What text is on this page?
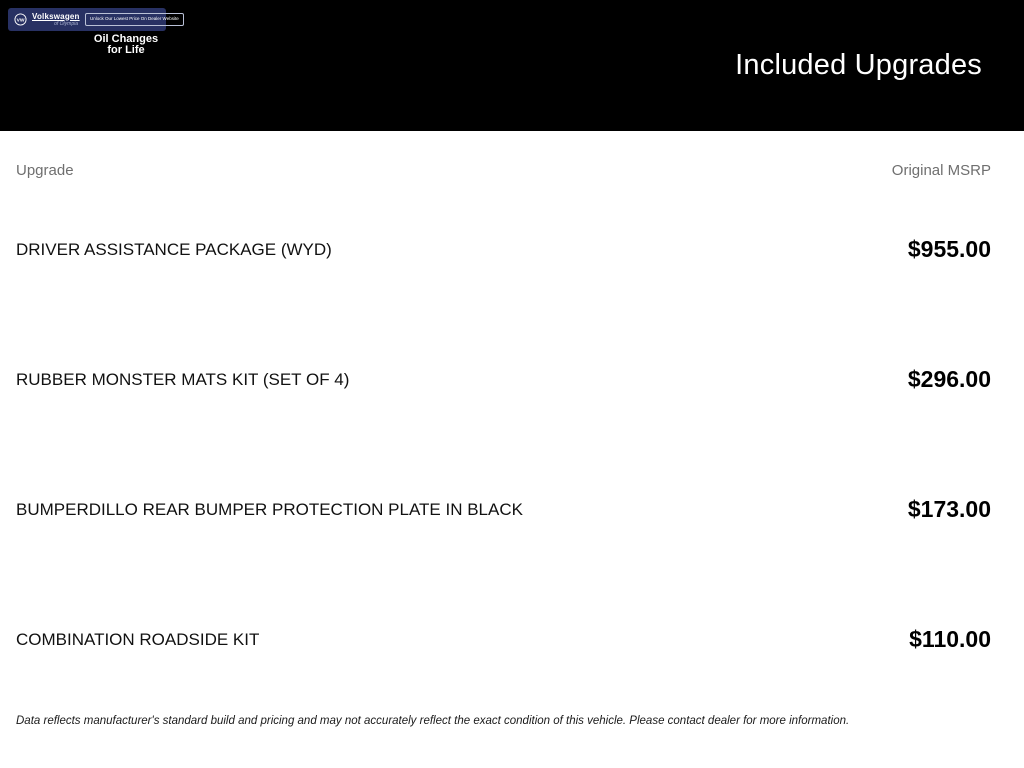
VW
Volkswagen
of Olympia
Unlock Our Lowest Price On Dealer Website
Oil Changes
for Life	Included Upgrades
Upgrade	Original MSRP
DRIVER ASSISTANCE PACKAGE (WYD)	$955.00
RUBBER MONSTER MATS KIT (SET OF 4)	$296.00
BUMPERDILLO REAR BUMPER PROTECTION PLATE IN BLACK	$173.00
COMBINATION ROADSIDE KIT	$110.00
Data reflects manufacturer's standard build and pricing and may not accurately reflect the exact condition of this vehicle. Please contact dealer for more information.
